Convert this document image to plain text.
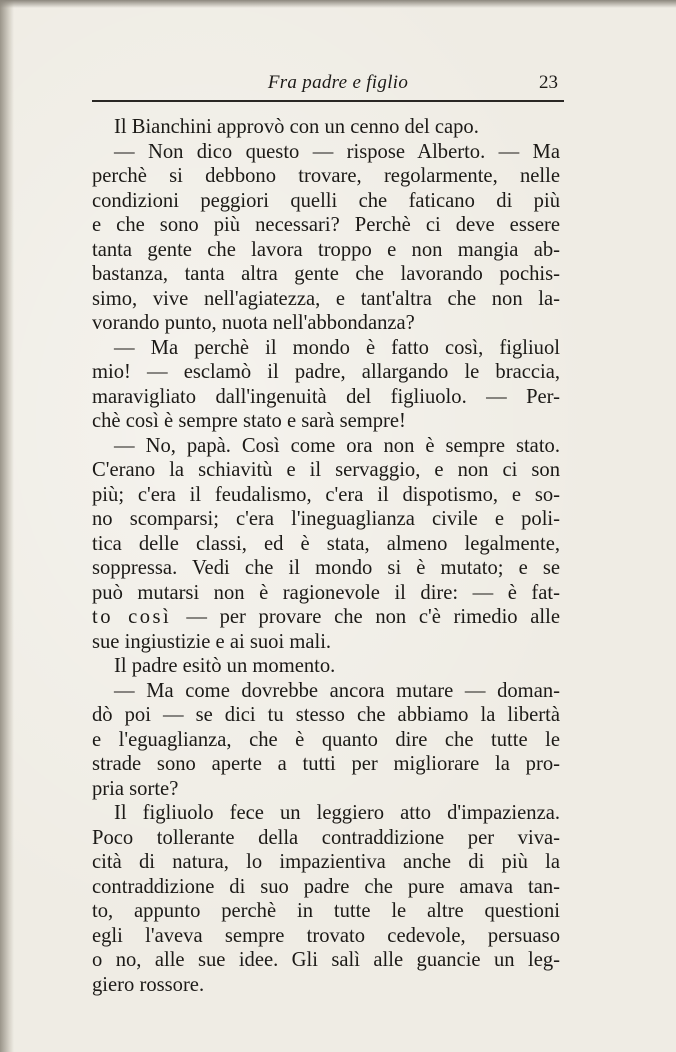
Fra padre e figlio	23
Il Bianchini approvò con un cenno del capo.
— Non dico questo — rispose Alberto. — Ma
perchè si debbono trovare, regolarmente, nelle
condizioni peggiori quelli che faticano di più
e che sono più necessari? Perchè ci deve essere
tanta gente che lavora troppo e non mangia ab-
bastanza, tanta altra gente che lavorando pochis-
simo, vive nell'agiatezza, e tant'altra che non la-
vorando punto, nuota nell'abbondanza?
— Ma perchè il mondo è fatto così, figliuol
mio! — esclamò il padre, allargando le braccia,
maravigliato dall'ingenuità del figliuolo. — Per-
chè così è sempre stato e sarà sempre!
— No, papà. Così come ora non è sempre stato.
C'erano la schiavitù e il servaggio, e non ci son
più; c'era il feudalismo, c'era il dispotismo, e so-
no scomparsi; c'era l'ineguaglianza civile e poli-
tica delle classi, ed è stata, almeno legalmente,
soppressa. Vedi che il mondo si è mutato; e se
può mutarsi non è ragionevole il dire: — è fat-
to così — per provare che non c'è rimedio alle
sue ingiustizie e ai suoi mali.
Il padre esitò un momento.
— Ma come dovrebbe ancora mutare — doman-
dò poi — se dici tu stesso che abbiamo la libertà
e l'eguaglianza, che è quanto dire che tutte le
strade sono aperte a tutti per migliorare la pro-
pria sorte?
Il figliuolo fece un leggiero atto d'impazienza.
Poco tollerante della contraddizione per viva-
cità di natura, lo impazientiva anche di più la
contraddizione di suo padre che pure amava tan-
to, appunto perchè in tutte le altre questioni
egli l'aveva sempre trovato cedevole, persuaso
o no, alle sue idee. Gli salì alle guancie un leg-
giero rossore.
